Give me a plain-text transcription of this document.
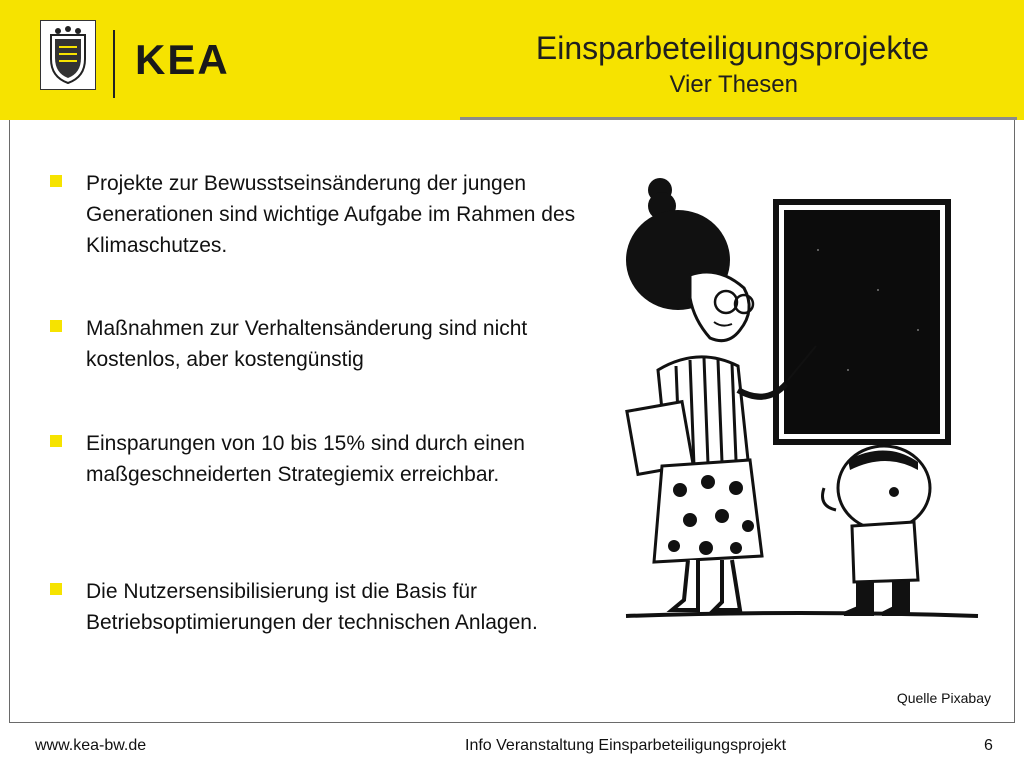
KEA	Einsparbeteiligungsprojekte
Vier Thesen
Projekte zur Bewusstseinsänderung der jungen Generationen sind wichtige Aufgabe im Rahmen des Klimaschutzes.
Maßnahmen zur Verhaltensänderung sind nicht kostenlos, aber kostengünstig
Einsparungen von 10 bis 15% sind durch einen maßgeschneiderten Strategiemix erreichbar.
Die Nutzersensibilisierung ist die Basis für Betriebsoptimierungen der technischen Anlagen.
Quelle Pixabay
www.kea-bw.de	Info Veranstaltung Einsparbeteiligungsprojekt	6
